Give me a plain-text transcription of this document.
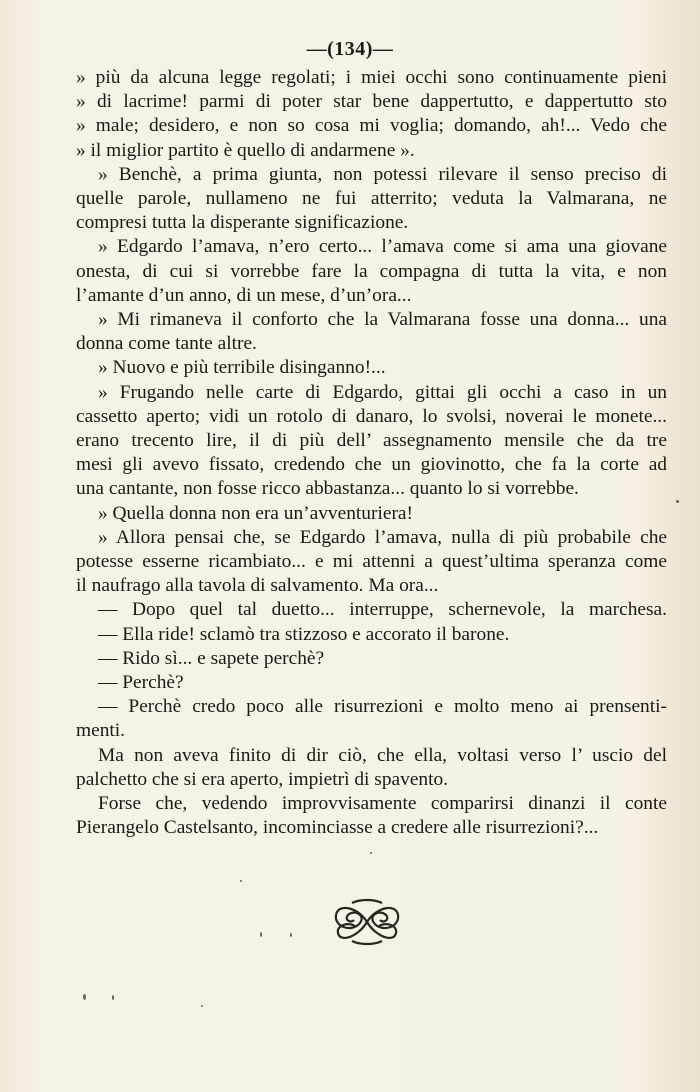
—(134)—
» più da alcuna legge regolati; i miei occhi sono continuamente pieni
» di lacrime! parmi di poter star bene dappertutto, e dappertutto sto
» male; desidero, e non so cosa mi voglia; domando, ah!... Vedo che
» il miglior partito è quello di andarmene ».
» Benchè, a prima giunta, non potessi rilevare il senso preciso di
quelle parole, nullameno ne fui atterrito; veduta la Valmarana, ne
compresi tutta la disperante significazione.
» Edgardo l’amava, n’ero certo... l’amava come si ama una giovane
onesta, di cui si vorrebbe fare la compagna di tutta la vita, e non
l’amante d’un anno, di un mese, d’un’ora...
» Mi rimaneva il conforto che la Valmarana fosse una donna... una
donna come tante altre.
» Nuovo e più terribile disinganno!...
» Frugando nelle carte di Edgardo, gittai gli occhi a caso in un
cassetto aperto; vidi un rotolo di danaro, lo svolsi, noverai le monete...
erano trecento lire, il di più dell’ assegnamento mensile che da tre
mesi gli avevo fissato, credendo che un giovinotto, che fa la corte ad
una cantante, non fosse ricco abbastanza... quanto lo si vorrebbe.
» Quella donna non era un’avventuriera!
» Allora pensai che, se Edgardo l’amava, nulla di più probabile che
potesse esserne ricambiato... e mi attenni a quest’ultima speranza come
il naufrago alla tavola di salvamento. Ma ora...
— Dopo quel tal duetto... interruppe, schernevole, la marchesa.
— Ella ride! sclamò tra stizzoso e accorato il barone.
— Rido sì... e sapete perchè?
— Perchè?
— Perchè credo poco alle risurrezioni e molto meno ai prensenti-
menti.
Ma non aveva finito di dir ciò, che ella, voltasi verso l’ uscio del
palchetto che si era aperto, impietrì di spavento.
Forse che, vedendo improvvisamente comparirsi dinanzi il conte
Pierangelo Castelsanto, incominciasse a credere alle risurrezioni?...
